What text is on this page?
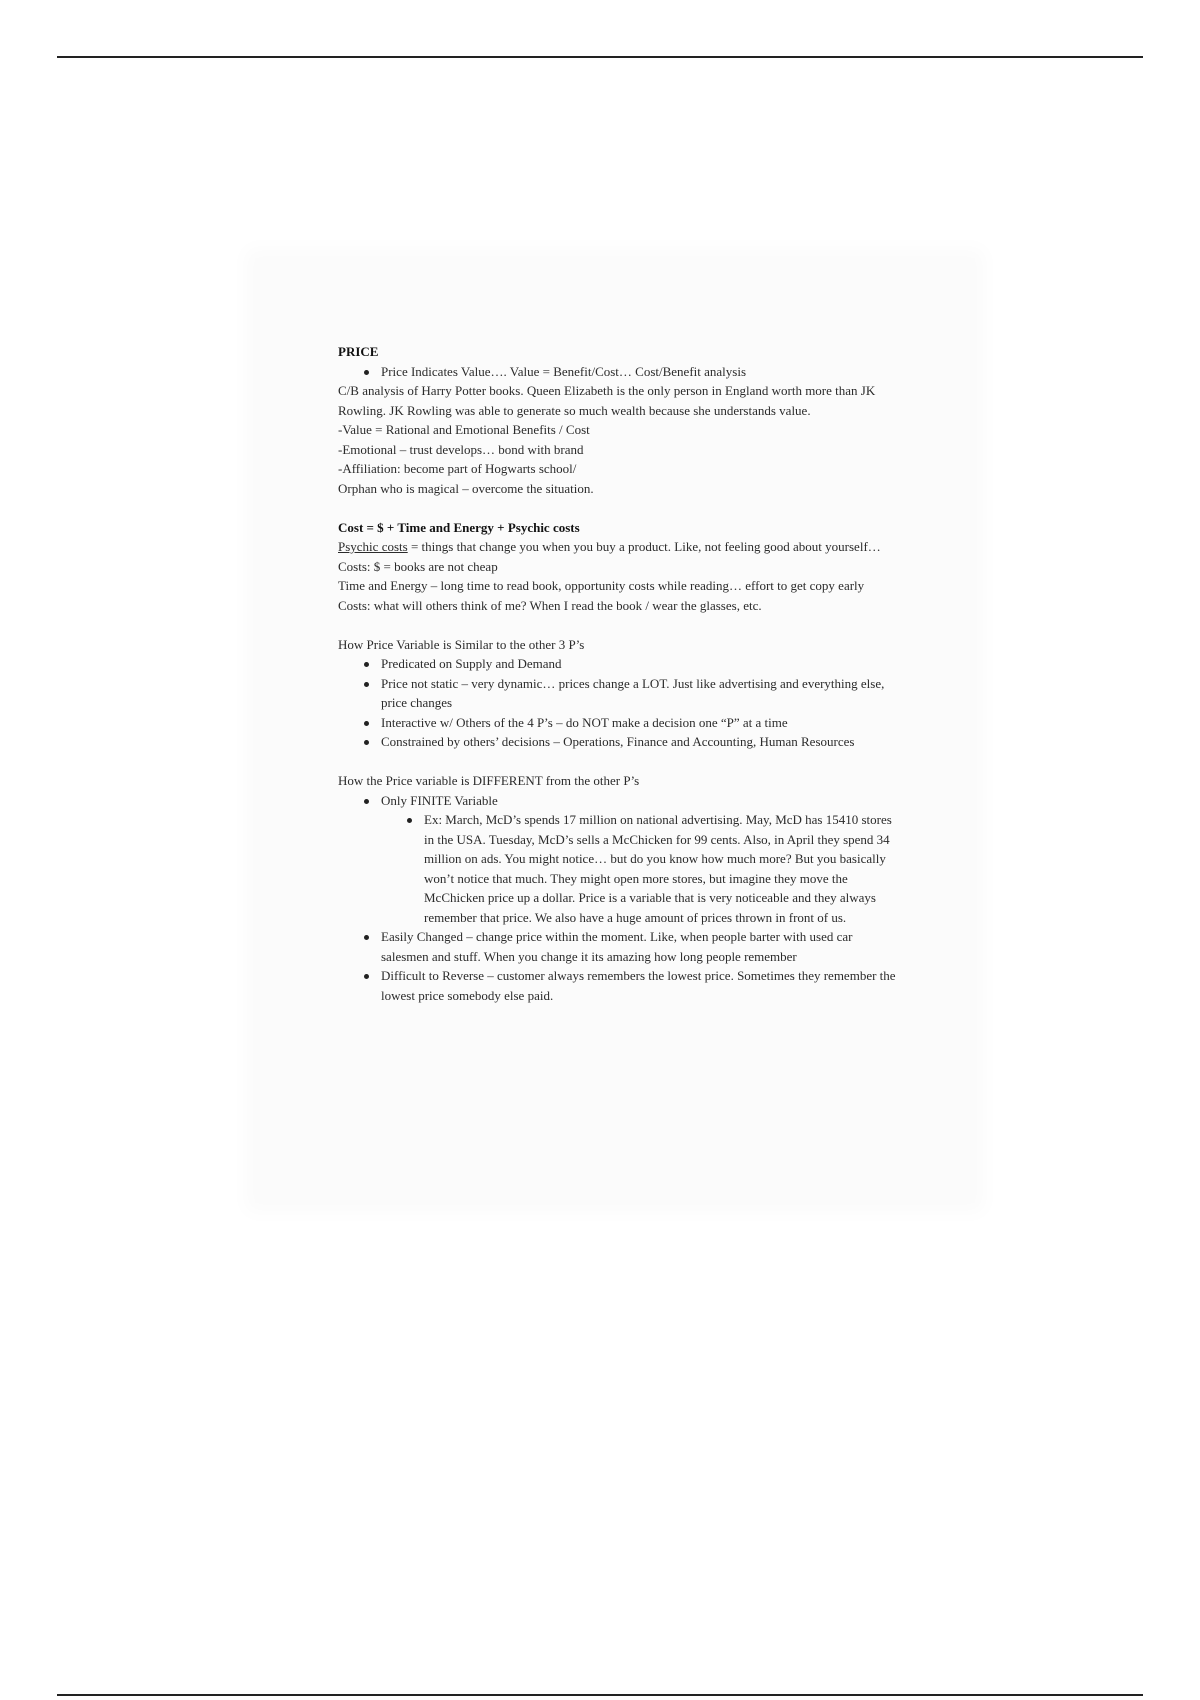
PRICE

Price Indicates Value…. Value = Benefit/Cost… Cost/Benefit analysis

C/B analysis of Harry Potter books. Queen Elizabeth is the only person in England worth more than JK Rowling. JK Rowling was able to generate so much wealth because she understands value.

-Value = Rational and Emotional Benefits / Cost

-Emotional – trust develops… bond with brand

-Affiliation: become part of Hogwarts school/

Orphan who is magical – overcome the situation.

Cost = $ + Time and Energy + Psychic costs

Psychic costs = things that change you when you buy a product. Like, not feeling good about yourself…

Costs: $ = books are not cheap

Time and Energy – long time to read book, opportunity costs while reading… effort to get copy early

Costs: what will others think of me? When I read the book / wear the glasses, etc.

How Price Variable is Similar to the other 3 P’s

Predicated on Supply and Demand
Price not static – very dynamic… prices change a LOT. Just like advertising and everything else, price changes
Interactive w/ Others of the 4 P’s – do NOT make a decision one “P” at a time
Constrained by others’ decisions – Operations, Finance and Accounting, Human Resources

How the Price variable is DIFFERENT from the other P’s

Only FINITE Variable
Ex: March, McD’s spends 17 million on national advertising. May, McD has 15410 stores in the USA. Tuesday, McD’s sells a McChicken for 99 cents. Also, in April they spend 34 million on ads. You might notice… but do you know how much more? But you basically won’t notice that much. They might open more stores, but imagine they move the McChicken price up a dollar. Price is a variable that is very noticeable and they always remember that price. We also have a huge amount of prices thrown in front of us.
Easily Changed – change price within the moment. Like, when people barter with used car salesmen and stuff. When you change it its amazing how long people remember
Difficult to Reverse – customer always remembers the lowest price. Sometimes they remember the lowest price somebody else paid.
